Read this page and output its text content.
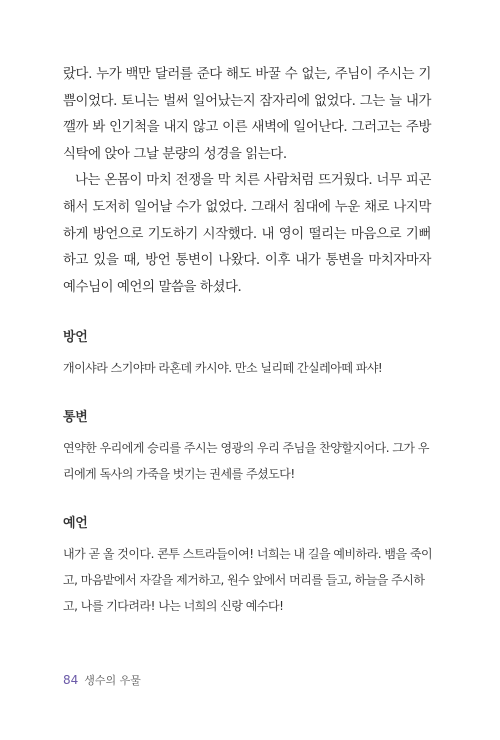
랐다. 누가 백만 달러를 준다 해도 바꿀 수 없는, 주님이 주시는 기쁨이었다. 토니는 벌써 일어났는지 잠자리에 없었다. 그는 늘 내가 깰까 봐 인기척을 내지 않고 이른 새벽에 일어난다. 그러고는 주방 식탁에 앉아 그날 분량의 성경을 읽는다.

나는 온몸이 마치 전쟁을 막 치른 사람처럼 뜨거웠다. 너무 피곤해서 도저히 일어날 수가 없었다. 그래서 침대에 누운 채로 나지막하게 방언으로 기도하기 시작했다. 내 영이 떨리는 마음으로 기뻐하고 있을 때, 방언 통변이 나왔다. 이후 내가 통변을 마치자마자 예수님이 예언의 말씀을 하셨다.

방언

개이샤라 스기야마 라혼데 카시야. 만소 닐리떼 간실레아떼 파샤!

통변

연약한 우리에게 승리를 주시는 영광의 우리 주님을 찬양할지어다. 그가 우리에게 독사의 가죽을 벗기는 권세를 주셨도다!

예언

내가 곧 올 것이다. 콘투 스트라들이여! 너희는 내 길을 예비하라. 뱀을 죽이고, 마음밭에서 자갈을 제거하고, 원수 앞에서 머리를 들고, 하늘을 주시하고, 나를 기다려라! 나는 너희의 신랑 예수다!

84 생수의 우물
